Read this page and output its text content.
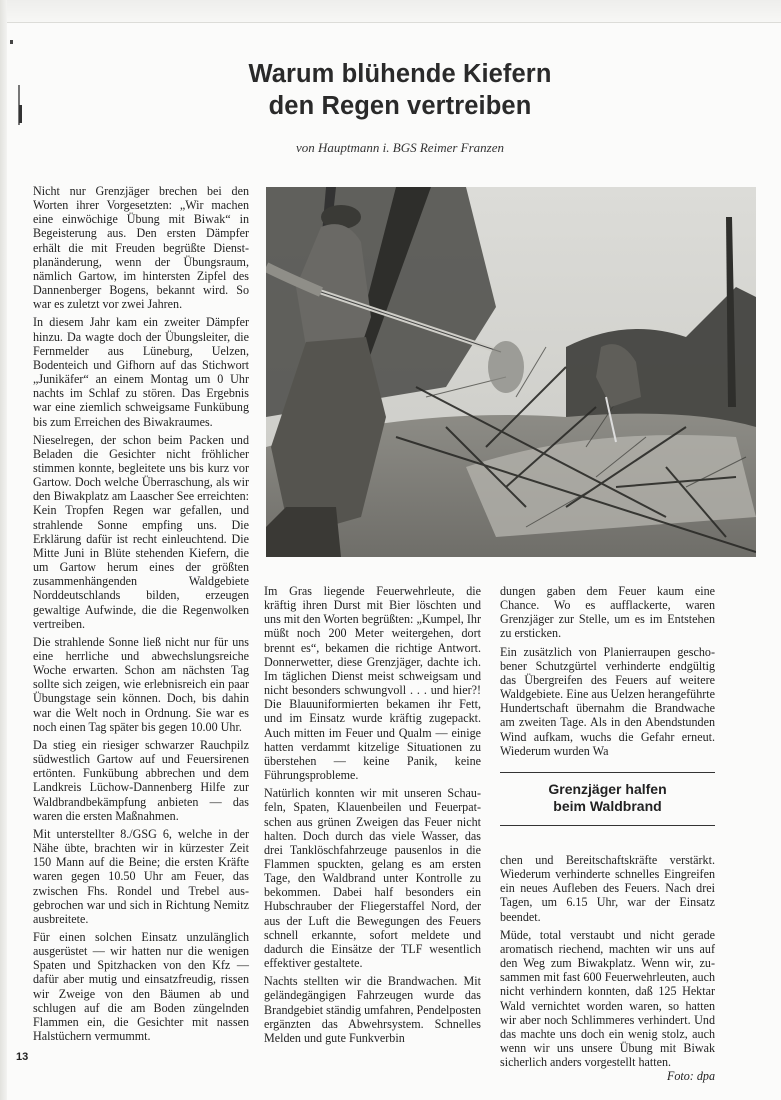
Warum blühende Kiefern
den Regen vertreiben
von Hauptmann i. BGS Reimer Franzen

Nicht nur Grenzjäger brechen bei den Worten ihrer Vorgesetzten: „Wir machen eine einwöchige Übung mit Biwak“ in Begeisterung aus. Den ersten Dämpfer erhält die mit Freuden begrüßte Dienstplanänderung, wenn der Übungsraum, nämlich Gartow, im hintersten Zipfel des Dannenberger Bogens, bekannt wird. So war es zuletzt vor zwei Jahren.

In diesem Jahr kam ein zweiter Dämpfer hinzu. Da wagte doch der Übungsleiter, die Fernmelder aus Lüneburg, Uelzen, Bodenteich und Gifhorn auf das Stichwort „Junikäfer“ an einem Montag um 0 Uhr nachts im Schlaf zu stören. Das Ergebnis war eine ziemlich schweigsame Funkübung bis zum Erreichen des Biwakraumes.

Nieselregen, der schon beim Packen und Beladen die Gesichter nicht fröhlicher stimmen konnte, begleitete uns bis kurz vor Gartow. Doch welche Überraschung, als wir den Biwakplatz am Laascher See erreichten: Kein Tropfen Regen war gefallen, und strahlende Sonne empfing uns. Die Erklärung dafür ist recht einleuchtend. Die Mitte Juni in Blüte stehenden Kiefern, die um Gartow herum eines der größten zusammenhängenden Waldgebiete Norddeutschlands bilden, erzeugen gewaltige Aufwinde, die die Regenwolken vertreiben.

Die strahlende Sonne ließ nicht nur für uns eine herrliche und abwechslungsreiche Woche erwarten. Schon am nächsten Tag sollte sich zeigen, wie erlebnisreich ein paar Übungstage sein können. Doch, bis dahin war die Welt noch in Ordnung. Sie war es noch einen Tag später bis gegen 10.00 Uhr.

Da stieg ein riesiger schwarzer Rauchpilz südwestlich Gartow auf und Feuersirenen ertönten. Funkübung abbrechen und dem Landkreis Lüchow-Dannenberg Hilfe zur Waldbrandbekämpfung anbieten — das waren die ersten Maßnahmen.

Mit unterstellter 8./GSG 6, welche in der Nähe übte, brachten wir in kürzester Zeit 150 Mann auf die Beine; die ersten Kräfte waren gegen 10.50 Uhr am Feuer, das zwischen Fhs. Rondel und Trebel ausgebrochen war und sich in Richtung Nemitz ausbreitete.

Für einen solchen Einsatz unzulänglich ausgerüstet — wir hatten nur die wenigen Spaten und Spitzhacken von den Kfz — dafür aber mutig und einsatzfreudig, rissen wir Zweige von den Bäumen ab und schlugen auf die am Boden züngelnden Flammen ein, die Gesichter mit nassen Halstüchern vermummt.

13

Im Gras liegende Feuerwehrleute, die kräftig ihren Durst mit Bier löschten und uns mit den Worten begrüßten: „Kumpel, Ihr müßt noch 200 Meter weitergehen, dort brennt es“, bekamen die richtige Antwort. Donnerwetter, diese Grenzjäger, dachte ich. Im täglichen Dienst meist schweigsam und nicht besonders schwungvoll . . . und hier?! Die Blauuniformierten bekamen ihr Fett, und im Einsatz wurde kräftig zugepackt. Auch mitten im Feuer und Qualm — einige hatten verdammt kitzelige Situationen zu überstehen — keine Panik, keine Führungsprobleme.

Natürlich konnten wir mit unseren Schaufeln, Spaten, Klauenbeilen und Feuerpatschen aus grünen Zweigen das Feuer nicht halten. Doch durch das viele Wasser, das drei Tanklöschfahrzeuge pausenlos in die Flammen spuckten, gelang es am ersten Tage, den Waldbrand unter Kontrolle zu bekommen. Dabei half besonders ein Hubschrauber der Fliegerstaffel Nord, der aus der Luft die Bewegungen des Feuers schnell erkannte, sofort meldete und dadurch die Einsätze der TLF wesentlich effektiver gestaltete.

Nachts stellten wir die Brandwachen. Mit geländegängigen Fahrzeugen wurde das Brandgebiet ständig umfahren, Pendelposten ergänzten das Abwehrsystem. Schnelles Melden und gute Funkverbin

dungen gaben dem Feuer kaum eine Chance. Wo es aufflackerte, waren Grenzjäger zur Stelle, um es im Entstehen zu ersticken.

Ein zusätzlich von Planierraupen geschobener Schutzgürtel verhinderte endgültig das Übergreifen des Feuers auf weitere Waldgebiete. Eine aus Uelzen herangeführte Hundertschaft übernahm die Brandwache am zweiten Tage. Als in den Abendstunden Wind aufkam, wuchs die Gefahr erneut. Wiederum wurden Wa

Grenzjäger halfen
beim Waldbrand

chen und Bereitschaftskräfte verstärkt. Wiederum verhinderte schnelles Eingreifen ein neues Aufleben des Feuers. Nach drei Tagen, um 6.15 Uhr, war der Einsatz beendet.

Müde, total verstaubt und nicht gerade aromatisch riechend, machten wir uns auf den Weg zum Biwakplatz. Wenn wir, zusammen mit fast 600 Feuerwehrleuten, auch nicht verhindern konnten, daß 125 Hektar Wald vernichtet worden waren, so hatten wir aber noch Schlimmeres verhindert. Und das machte uns doch ein wenig stolz, auch wenn wir uns unsere Übung mit Biwak sicherlich anders vorgestellt hatten.
Foto: dpa
